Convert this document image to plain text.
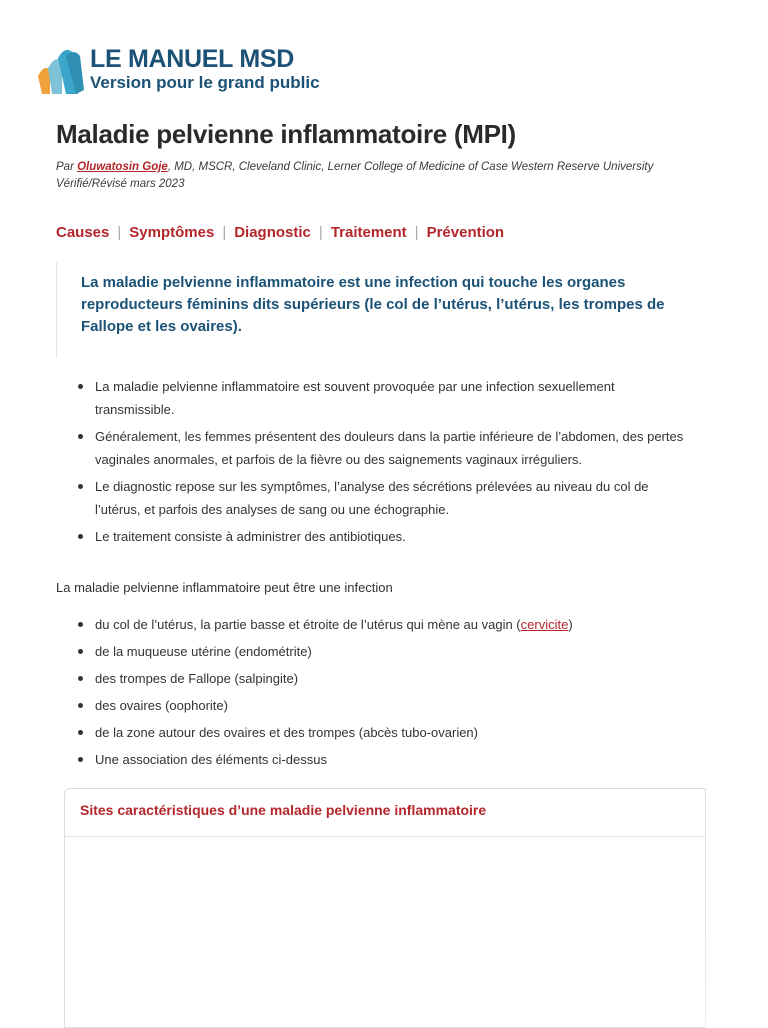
LE MANUEL MSD
Version pour le grand public
Maladie pelvienne inflammatoire (MPI)
Par Oluwatosin Goje, MD, MSCR, Cleveland Clinic, Lerner College of Medicine of Case Western Reserve University
Vérifié/Révisé mars 2023
Causes | Symptômes | Diagnostic | Traitement | Prévention

La maladie pelvienne inflammatoire est une infection qui touche les organes reproducteurs féminins dits supérieurs (le col de l’utérus, l’utérus, les trompes de Fallope et les ovaires).

La maladie pelvienne inflammatoire est souvent provoquée par une infection sexuellement transmissible.
Généralement, les femmes présentent des douleurs dans la partie inférieure de l’abdomen, des pertes vaginales anormales, et parfois de la fièvre ou des saignements vaginaux irréguliers.
Le diagnostic repose sur les symptômes, l’analyse des sécrétions prélevées au niveau du col de l’utérus, et parfois des analyses de sang ou une échographie.
Le traitement consiste à administrer des antibiotiques.
La maladie pelvienne inflammatoire peut être une infection
du col de l’utérus, la partie basse et étroite de l’utérus qui mène au vagin (cervicite)
de la muqueuse utérine (endométrite)
des trompes de Fallope (salpingite)
des ovaires (oophorite)
de la zone autour des ovaires et des trompes (abcès tubo-ovarien)
Une association des éléments ci-dessus
Sites caractéristiques d’une maladie pelvienne inflammatoire
